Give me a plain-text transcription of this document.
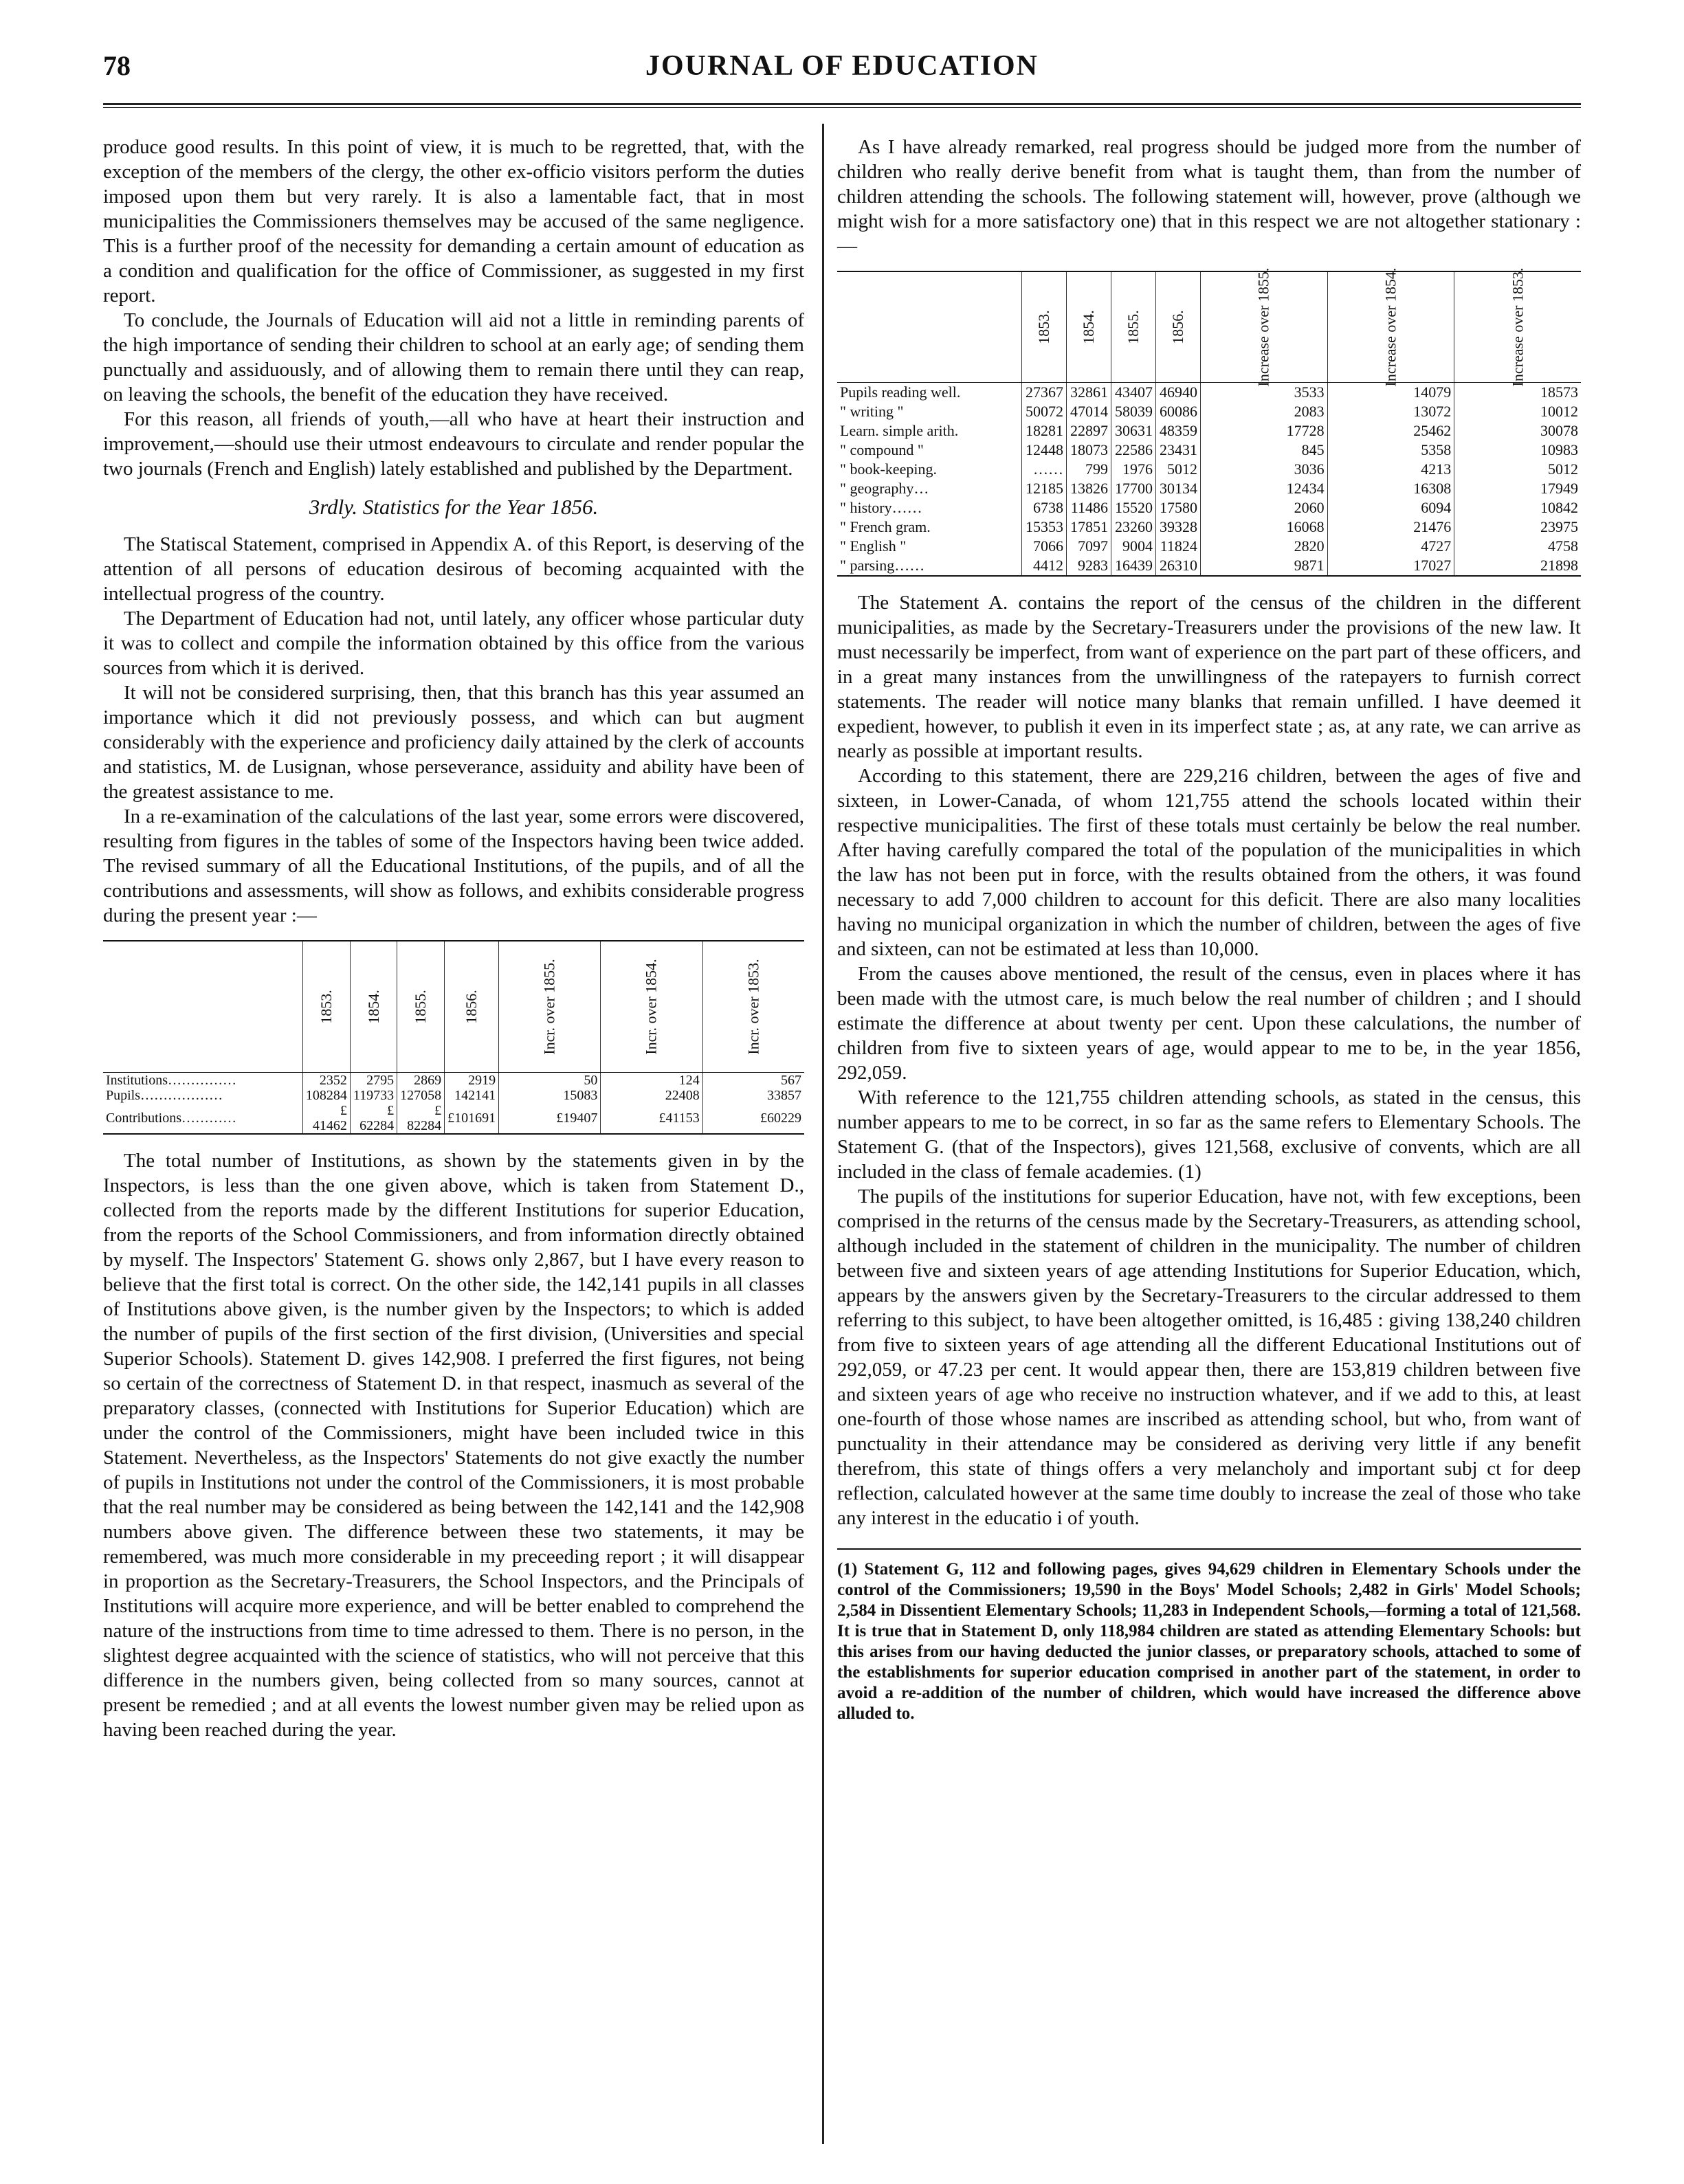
78	JOURNAL OF EDUCATION

produce good results. In this point of view, it is much to be regretted, that, with the exception of the members of the clergy, the other ex-officio visitors perform the duties imposed upon them but very rarely. It is also a lamentable fact, that in most municipalities the Commissioners themselves may be accused of the same negligence. This is a further proof of the necessity for demanding a certain amount of education as a condition and qualification for the office of Commissioner, as suggested in my first report.

To conclude, the Journals of Education will aid not a little in reminding parents of the high importance of sending their children to school at an early age; of sending them punctually and assiduously, and of allowing them to remain there until they can reap, on leaving the schools, the benefit of the education they have received.

For this reason, all friends of youth,—all who have at heart their instruction and improvement,—should use their utmost endeavours to circulate and render popular the two journals (French and English) lately established and published by the Department.

3rdly. Statistics for the Year 1856.

The Statiscal Statement, comprised in Appendix A. of this Report, is deserving of the attention of all persons of education desirous of becoming acquainted with the intellectual progress of the country.

The Department of Education had not, until lately, any officer whose particular duty it was to collect and compile the information obtained by this office from the various sources from which it is derived.

It will not be considered surprising, then, that this branch has this year assumed an importance which it did not previously possess, and which can but augment considerably with the experience and proficiency daily attained by the clerk of accounts and statistics, M. de Lusignan, whose perseverance, assiduity and ability have been of the greatest assistance to me.

In a re-examination of the calculations of the last year, some errors were discovered, resulting from figures in the tables of some of the Inspectors having been twice added. The revised summary of all the Educational Institutions, of the pupils, and of all the contributions and assessments, will show as follows, and exhibits considerable progress during the present year :—

	1853.	1854.	1855.	1856.	Incr. over 1855.	Incr. over 1854.	Incr. over 1853.
Institutions……………	2352	2795	2869	2919	50	124	567
Pupils………………	108284	119733	127058	142141	15083	22408	33857
Contributions…………	£ 41462	£ 62284	£ 82284	£101691	£19407	£41153	£60229

The total number of Institutions, as shown by the statements given in by the Inspectors, is less than the one given above, which is taken from Statement D., collected from the reports made by the different Institutions for superior Education, from the reports of the School Commissioners, and from information directly obtained by myself. The Inspectors' Statement G. shows only 2,867, but I have every reason to believe that the first total is correct. On the other side, the 142,141 pupils in all classes of Institutions above given, is the number given by the Inspectors; to which is added the number of pupils of the first section of the first division, (Universities and special Superior Schools). Statement D. gives 142,908. I preferred the first figures, not being so certain of the correctness of Statement D. in that respect, inasmuch as several of the preparatory classes, (connected with Institutions for Superior Education) which are under the control of the Commissioners, might have been included twice in this Statement. Nevertheless, as the Inspectors' Statements do not give exactly the number of pupils in Institutions not under the control of the Commissioners, it is most probable that the real number may be considered as being between the 142,141 and the 142,908 numbers above given. The difference between these two statements, it may be remembered, was much more considerable in my preceeding report ; it will disappear in proportion as the Secretary-Treasurers, the School Inspectors, and the Principals of Institutions will acquire more experience, and will be better enabled to comprehend the nature of the instructions from time to time adressed to them. There is no person, in the slightest degree acquainted with the science of statistics, who will not perceive that this difference in the numbers given, being collected from so many sources, cannot at present be remedied ; and at all events the lowest number given may be relied upon as having been reached during the year.

As I have already remarked, real progress should be judged more from the number of children who really derive benefit from what is taught them, than from the number of children attending the schools. The following statement will, however, prove (although we might wish for a more satisfactory one) that in this respect we are not altogether stationary :—

	1853.	1854.	1855.	1856.	Increase over 1855.	Increase over 1854.	Increase over 1853.
Pupils reading well.	27367	32861	43407	46940	3533	14079	18573
" writing "	50072	47014	58039	60086	2083	13072	10012
Learn. simple arith.	18281	22897	30631	48359	17728	25462	30078
" compound "	12448	18073	22586	23431	845	5358	10983
" book-keeping.	……	799	1976	5012	3036	4213	5012
" geography…	12185	13826	17700	30134	12434	16308	17949
" history……	6738	11486	15520	17580	2060	6094	10842
" French gram.	15353	17851	23260	39328	16068	21476	23975
" English "	7066	7097	9004	11824	2820	4727	4758
" parsing……	4412	9283	16439	26310	9871	17027	21898

The Statement A. contains the report of the census of the children in the different municipalities, as made by the Secretary-Treasurers under the provisions of the new law. It must necessarily be imperfect, from want of experience on the part part of these officers, and in a great many instances from the unwillingness of the ratepayers to furnish correct statements. The reader will notice many blanks that remain unfilled. I have deemed it expedient, however, to publish it even in its imperfect state ; as, at any rate, we can arrive as nearly as possible at important results.

According to this statement, there are 229,216 children, between the ages of five and sixteen, in Lower-Canada, of whom 121,755 attend the schools located within their respective municipalities. The first of these totals must certainly be below the real number. After having carefully compared the total of the population of the municipalities in which the law has not been put in force, with the results obtained from the others, it was found necessary to add 7,000 children to account for this deficit. There are also many localities having no municipal organization in which the number of children, between the ages of five and sixteen, can not be estimated at less than 10,000.

From the causes above mentioned, the result of the census, even in places where it has been made with the utmost care, is much below the real number of children ; and I should estimate the difference at about twenty per cent. Upon these calculations, the number of children from five to sixteen years of age, would appear to me to be, in the year 1856, 292,059.

With reference to the 121,755 children attending schools, as stated in the census, this number appears to me to be correct, in so far as the same refers to Elementary Schools. The Statement G. (that of the Inspectors), gives 121,568, exclusive of convents, which are all included in the class of female academies. (1)

The pupils of the institutions for superior Education, have not, with few exceptions, been comprised in the returns of the census made by the Secretary-Treasurers, as attending school, although included in the statement of children in the municipality. The number of children between five and sixteen years of age attending Institutions for Superior Education, which, appears by the answers given by the Secretary-Treasurers to the circular addressed to them referring to this subject, to have been altogether omitted, is 16,485 : giving 138,240 children from five to sixteen years of age attending all the different Educational Institutions out of 292,059, or 47.23 per cent. It would appear then, there are 153,819 children between five and sixteen years of age who receive no instruction whatever, and if we add to this, at least one-fourth of those whose names are inscribed as attending school, but who, from want of punctuality in their attendance may be considered as deriving very little if any benefit therefrom, this state of things offers a very melancholy and important subj ct for deep reflection, calculated however at the same time doubly to increase the zeal of those who take any interest in the educatio i of youth.

(1) Statement G, 112 and following pages, gives 94,629 children in Elementary Schools under the control of the Commissioners; 19,590 in the Boys' Model Schools; 2,482 in Girls' Model Schools; 2,584 in Dissentient Elementary Schools; 11,283 in Independent Schools,—forming a total of 121,568. It is true that in Statement D, only 118,984 children are stated as attending Elementary Schools: but this arises from our having deducted the junior classes, or preparatory schools, attached to some of the establishments for superior education comprised in another part of the statement, in order to avoid a re-addition of the number of children, which would have increased the difference above alluded to.
